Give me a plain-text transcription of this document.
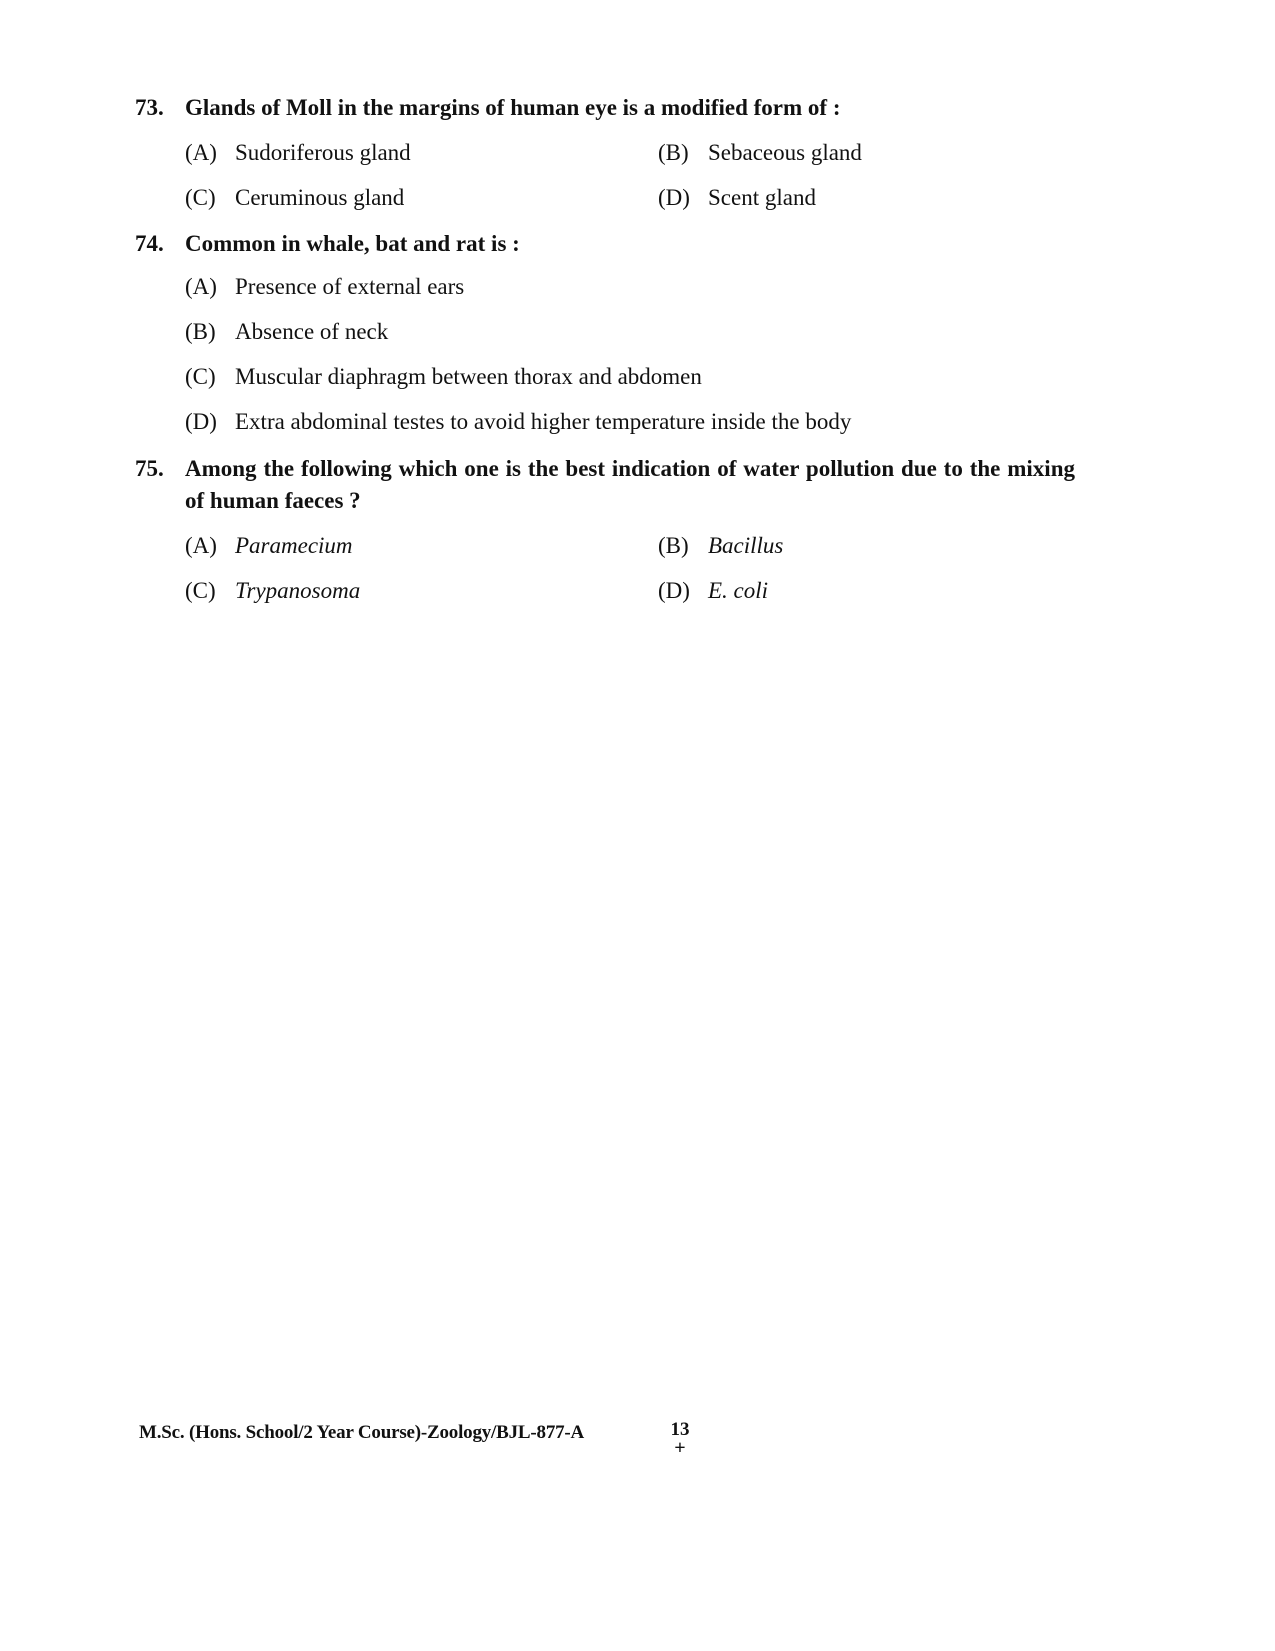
73. Glands of Moll in the margins of human eye is a modified form of :
(A) Sudoriferous gland	(B) Sebaceous gland
(C) Ceruminous gland	(D) Scent gland
74. Common in whale, bat and rat is :
(A) Presence of external ears
(B) Absence of neck
(C) Muscular diaphragm between thorax and abdomen
(D) Extra abdominal testes to avoid higher temperature inside the body
75. Among the following which one is the best indication of water pollution due to the mixing of human faeces ?
(A) Paramecium	(B) Bacillus
(C) Trypanosoma	(D) E. coli
M.Sc. (Hons. School/2 Year Course)-Zoology/BJL-877-A	13
+
